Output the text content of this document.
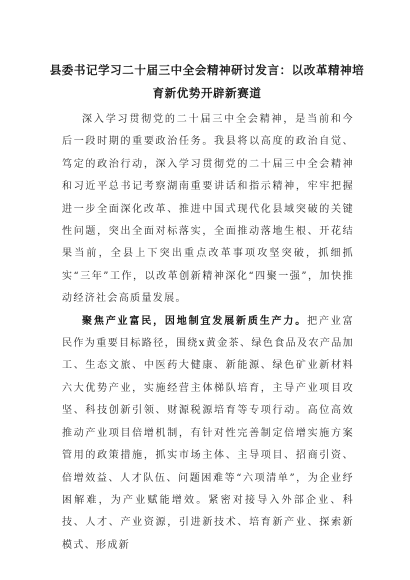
县委书记学习二十届三中全会精神研讨发言：以改革精神培育新优势开辟新赛道

深入学习贯彻党的二十届三中全会精神，是当前和今后一段时期的重要政治任务。我县将以高度的政治自觉、笃定的政治行动，深入学习贯彻党的二十届三中全会精神和习近平总书记考察湖南重要讲话和指示精神，牢牢把握进一步全面深化改革、推进中国式现代化县域突破的关键性问题，突出全面对标落实，全面推动落地生根、开花结果当前，全县上下突出重点改革事项攻坚突破，抓细抓实“三年”工作，以改革创新精神深化“四聚一强”，加快推动经济社会高质量发展。

聚焦产业富民，因地制宜发展新质生产力。把产业富民作为重要目标路径，围绕x黄金茶、绿色食品及农产品加工、生态文旅、中医药大健康、新能源、绿色矿业新材料六大优势产业，实施经营主体梯队培育，主导产业项目攻坚、科技创新引领、财源税源培育等专项行动。高位高效推动产业项目倍增机制，有针对性完善制定倍增实施方案管用的政策措施，抓实市场主体、主导项目、招商引资、倍增效益、人才队伍、问题困难等“六项清单”，为企业纾困解难，为产业赋能增效。紧密对接导入外部企业、科技、人才、产业资源，引进新技术、培育新产业、探索新模式、形成新
